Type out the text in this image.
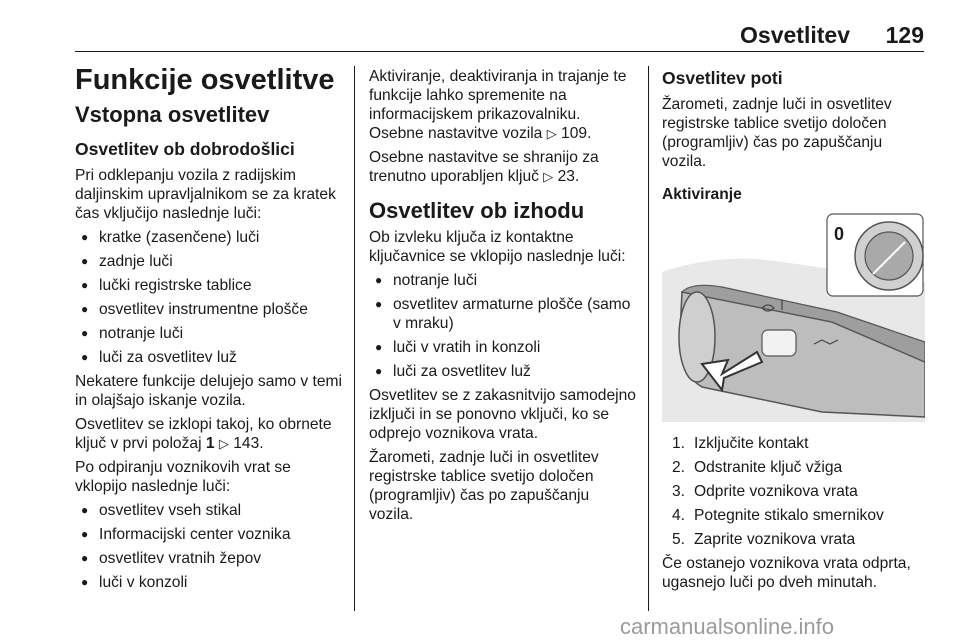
Osvetlitev 129
Funkcije osvetlitve
Vstopna osvetlitev
Osvetlitev ob dobrodošlici

Pri odklepanju vozila z radijskim daljinskim upravljalnikom se za kratek čas vključijo naslednje luči:

● kratke (zasenčene) luči
● zadnje luči
● lučki registrske tablice
● osvetlitev instrumentne plošče
● notranje luči
● luči za osvetlitev luž

Nekatere funkcije delujejo samo v temi in olajšajo iskanje vozila.

Osvetlitev se izklopi takoj, ko obrnete ključ v prvi položaj 1 ▷ 143.

Po odpiranju voznikovih vrat se vklopijo naslednje luči:

● osvetlitev vseh stikal
● Informacijski center voznika
● osvetlitev vratnih žepov
● luči v konzoli

Aktiviranje, deaktiviranja in trajanje te funkcije lahko spremenite na informacijskem prikazovalniku. Osebne nastavitve vozila ▷ 109.

Osebne nastavitve se shranijo za trenutno uporabljen ključ ▷ 23.

Osvetlitev ob izhodu

Ob izvleku ključa iz kontaktne ključavnice se vklopijo naslednje luči:

● notranje luči
● osvetlitev armaturne plošče (samo v mraku)
● luči v vratih in konzoli
● luči za osvetlitev luž

Osvetlitev se z zakasnitvijo samodejno izključi in se ponovno vključi, ko se odprejo voznikova vrata.

Žarometi, zadnje luči in osvetlitev registrske tablice svetijo določen (programljiv) čas po zapuščanju vozila.

Osvetlitev poti

Žarometi, zadnje luči in osvetlitev registrske tablice svetijo določen (programljiv) čas po zapuščanju vozila.

Aktiviranje
0
1. Izključite kontakt
2. Odstranite ključ vžiga
3. Odprite voznikova vrata
4. Potegnite stikalo smernikov
5. Zaprite voznikova vrata

Če ostanejo voznikova vrata odprta, ugasnejo luči po dveh minutah.

carmanualsonline.info
